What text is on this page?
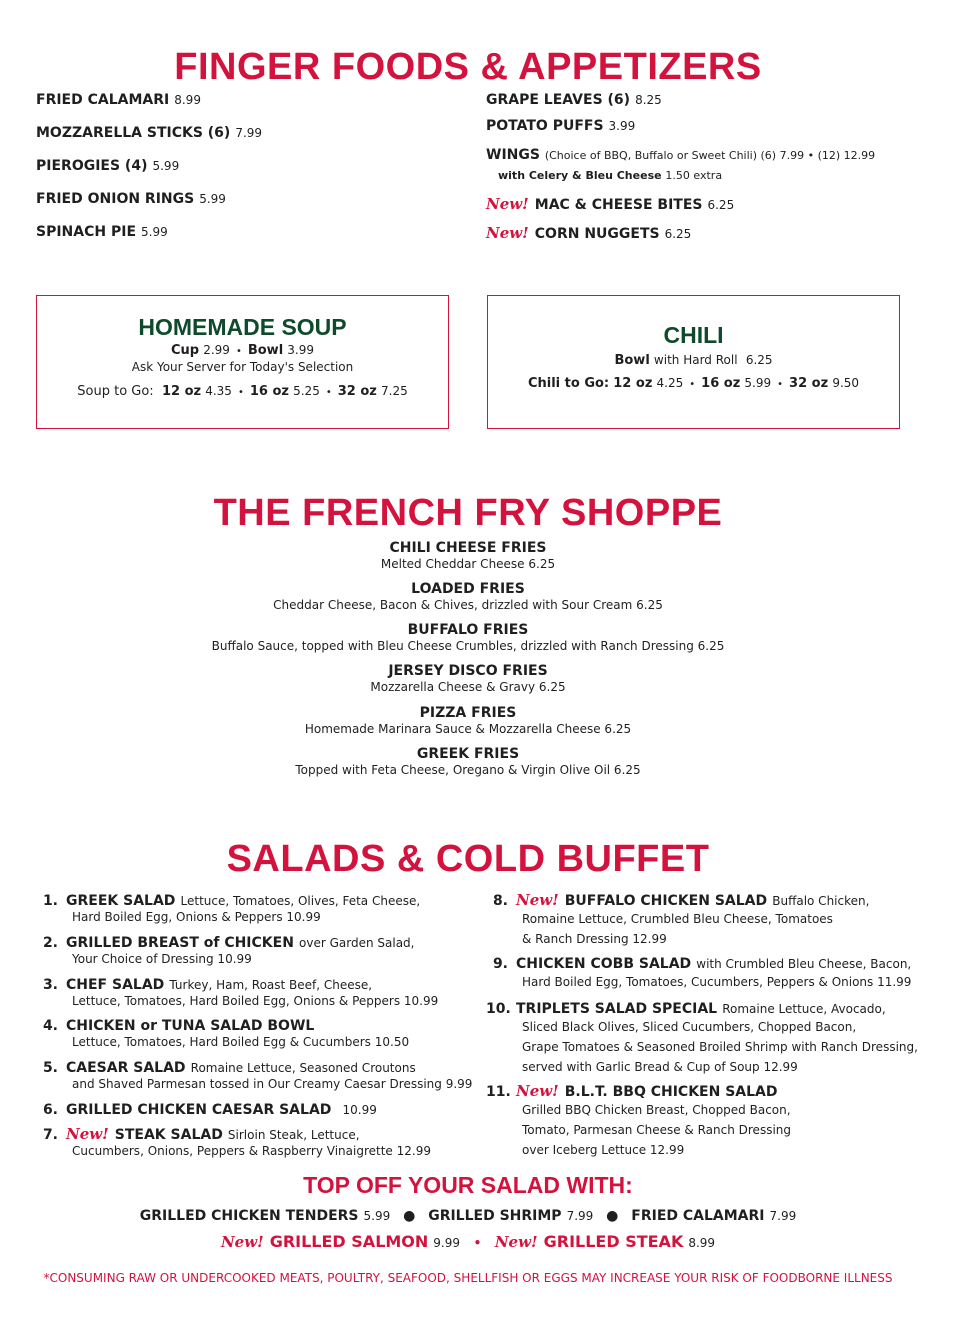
FINGER FOODS & APPETIZERS
FRIED CALAMARI 8.99
MOZZARELLA STICKS (6) 7.99
PIEROGIES (4) 5.99
FRIED ONION RINGS 5.99
SPINACH PIE 5.99
GRAPE LEAVES (6) 8.25
POTATO PUFFS 3.99
WINGS (Choice of BBQ, Buffalo or Sweet Chili) (6) 7.99 • (12) 12.99
with Celery & Bleu Cheese 1.50 extra
New! MAC & CHEESE BITES 6.25
New! CORN NUGGETS 6.25
HOMEMADE SOUP
Cup 2.99 • Bowl 3.99
Ask Your Server for Today's Selection
Soup to Go: 12 oz 4.35 • 16 oz 5.25 • 32 oz 7.25
CHILI
Bowl with Hard Roll 6.25
Chili to Go: 12 oz 4.25 • 16 oz 5.99 • 32 oz 9.50
THE FRENCH FRY SHOPPE
CHILI CHEESE FRIES
Melted Cheddar Cheese 6.25
LOADED FRIES
Cheddar Cheese, Bacon & Chives, drizzled with Sour Cream 6.25
BUFFALO FRIES
Buffalo Sauce, topped with Bleu Cheese Crumbles, drizzled with Ranch Dressing 6.25
JERSEY DISCO FRIES
Mozzarella Cheese & Gravy 6.25
PIZZA FRIES
Homemade Marinara Sauce & Mozzarella Cheese 6.25
GREEK FRIES
Topped with Feta Cheese, Oregano & Virgin Olive Oil 6.25
SALADS & COLD BUFFET
1. GREEK SALAD Lettuce, Tomatoes, Olives, Feta Cheese,
Hard Boiled Egg, Onions & Peppers 10.99
2. GRILLED BREAST of CHICKEN over Garden Salad,
Your Choice of Dressing 10.99
3. CHEF SALAD Turkey, Ham, Roast Beef, Cheese,
Lettuce, Tomatoes, Hard Boiled Egg, Onions & Peppers 10.99
4. CHICKEN or TUNA SALAD BOWL
Lettuce, Tomatoes, Hard Boiled Egg & Cucumbers 10.50
5. CAESAR SALAD Romaine Lettuce, Seasoned Croutons
and Shaved Parmesan tossed in Our Creamy Caesar Dressing 9.99
6. GRILLED CHICKEN CAESAR SALAD 10.99
7. New! STEAK SALAD Sirloin Steak, Lettuce,
Cucumbers, Onions, Peppers & Raspberry Vinaigrette 12.99
8. New! BUFFALO CHICKEN SALAD Buffalo Chicken,
Romaine Lettuce, Crumbled Bleu Cheese, Tomatoes
& Ranch Dressing 12.99
9. CHICKEN COBB SALAD with Crumbled Bleu Cheese, Bacon,
Hard Boiled Egg, Tomatoes, Cucumbers, Peppers & Onions 11.99
10. TRIPLETS SALAD SPECIAL Romaine Lettuce, Avocado,
Sliced Black Olives, Sliced Cucumbers, Chopped Bacon,
Grape Tomatoes & Seasoned Broiled Shrimp with Ranch Dressing,
served with Garlic Bread & Cup of Soup 12.99
11. New! B.L.T. BBQ CHICKEN SALAD
Grilled BBQ Chicken Breast, Chopped Bacon,
Tomato, Parmesan Cheese & Ranch Dressing
over Iceberg Lettuce 12.99
TOP OFF YOUR SALAD WITH:
GRILLED CHICKEN TENDERS 5.99 ● GRILLED SHRIMP 7.99 ● FRIED CALAMARI 7.99
New! GRILLED SALMON 9.99 • New! GRILLED STEAK 8.99
*CONSUMING RAW OR UNDERCOOKED MEATS, POULTRY, SEAFOOD, SHELLFISH OR EGGS MAY INCREASE YOUR RISK OF FOODBORNE ILLNESS
